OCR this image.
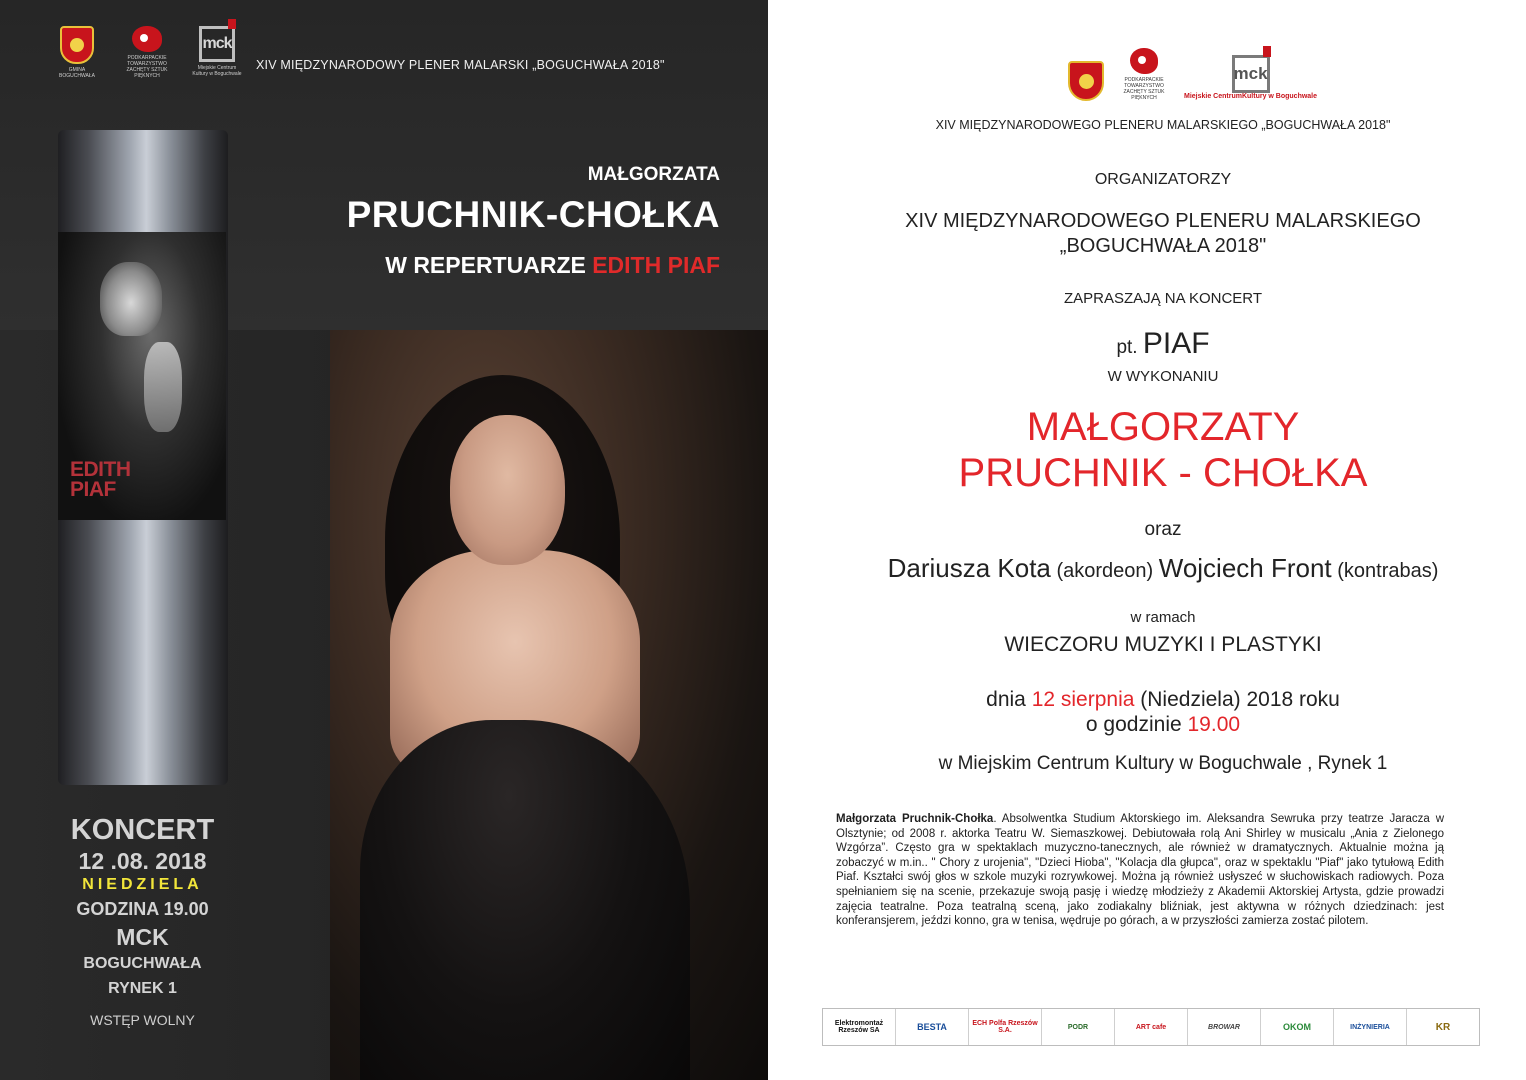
GMINA BOGUCHWAŁA
PODKARPACKIE TOWARZYSTWO ZACHĘTY SZTUK PIĘKNYCH
mck
Miejskie Centrum Kultury w Boguchwale
XIV MIĘDZYNARODOWY PLENER MALARSKI „BOGUCHWAŁA 2018"
EDITH
PIAF
MAŁGORZATA
PRUCHNIK-CHOŁKA
W REPERTUARZE EDITH PIAF
KONCERT
12 .08. 2018
NIEDZIELA
GODZINA 19.00
MCK
BOGUCHWAŁA
RYNEK 1
WSTĘP WOLNY
PODKARPACKIE TOWARZYSTWO ZACHĘTY SZTUK PIĘKNYCH
mck
Miejskie CentrumKultury w Boguchwale
XIV MIĘDZYNARODOWEGO PLENERU MALARSKIEGO „BOGUCHWAŁA 2018"
ORGANIZATORZY
XIV MIĘDZYNARODOWEGO PLENERU MALARSKIEGO
„BOGUCHWAŁA 2018"
ZAPRASZAJĄ NA KONCERT
pt. PIAF
W WYKONANIU
MAŁGORZATY
PRUCHNIK - CHOŁKA
oraz
Dariusza Kota (akordeon) Wojciech Front (kontrabas)
w ramach
WIECZORU MUZYKI I PLASTYKI
dnia 12 sierpnia (Niedziela) 2018 roku
o godzinie 19.00
w Miejskim Centrum Kultury w Boguchwale , Rynek 1
Małgorzata Pruchnik-Chołka. Absolwentka Studium Aktorskiego im. Aleksandra Sewruka przy teatrze Jaracza w Olsztynie; od 2008 r. aktorka Teatru W. Siemaszkowej. Debiutowała rolą Ani Shirley w musicalu „Ania z Zielonego Wzgórza”. Często gra w spektaklach muzyczno-tanecznych, ale również w dramatycznych. Aktualnie można ją zobaczyć w m.in.. " Chory z urojenia", "Dzieci Hioba", "Kolacja dla głupca", oraz w spektaklu "Piaf" jako tytułową Edith Piaf. Kształci swój głos w szkole muzyki rozrywkowej. Można ją również usłyszeć w słuchowiskach radiowych. Poza spełnianiem się na scenie, przekazuje swoją pasję i wiedzę młodzieży z Akademii Aktorskiej Artysta, gdzie prowadzi zajęcia teatralne. Poza teatralną sceną, jako zodiakalny bliźniak, jest aktywna w różnych dziedzinach: jest konferansjerem, jeździ konno, gra w tenisa, wędruje po górach, a w przyszłości zamierza zostać pilotem.
Elektromontaż Rzeszów SA	BESTA	ECH Polfa Rzeszów S.A.	PODR	ART cafe	BROWAR	OKOM	INŻYNIERIA	KR
